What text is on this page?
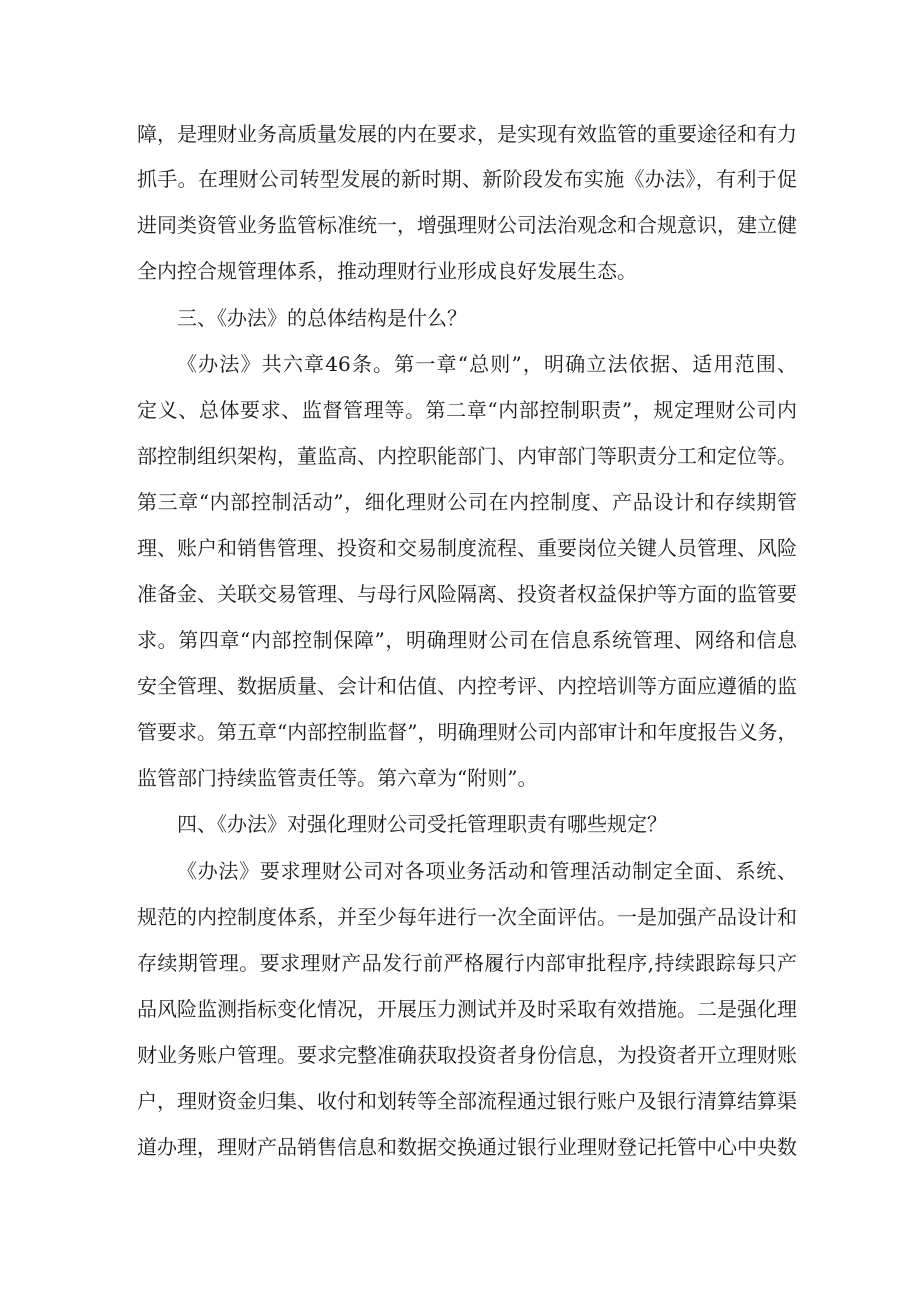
障，是理财业务高质量发展的内在要求，是实现有效监管的重要途径和有力
抓手。在理财公司转型发展的新时期、新阶段发布实施《办法》，有利于促
进同类资管业务监管标准统一，增强理财公司法治观念和合规意识，建立健
全内控合规管理体系，推动理财行业形成良好发展生态。
三、《办法》的总体结构是什么？
《办法》共六章46条。第一章“总则”，明确立法依据、适用范围、
定义、总体要求、监督管理等。第二章“内部控制职责”，规定理财公司内
部控制组织架构，董监高、内控职能部门、内审部门等职责分工和定位等。
第三章“内部控制活动”，细化理财公司在内控制度、产品设计和存续期管
理、账户和销售管理、投资和交易制度流程、重要岗位关键人员管理、风险
准备金、关联交易管理、与母行风险隔离、投资者权益保护等方面的监管要
求。第四章“内部控制保障”，明确理财公司在信息系统管理、网络和信息
安全管理、数据质量、会计和估值、内控考评、内控培训等方面应遵循的监
管要求。第五章“内部控制监督”，明确理财公司内部审计和年度报告义务，
监管部门持续监管责任等。第六章为“附则”。
四、《办法》对强化理财公司受托管理职责有哪些规定？
《办法》要求理财公司对各项业务活动和管理活动制定全面、系统、
规范的内控制度体系，并至少每年进行一次全面评估。一是加强产品设计和
存续期管理。要求理财产品发行前严格履行内部审批程序,持续跟踪每只产
品风险监测指标变化情况，开展压力测试并及时采取有效措施。二是强化理
财业务账户管理。要求完整准确获取投资者身份信息，为投资者开立理财账
户，理财资金归集、收付和划转等全部流程通过银行账户及银行清算结算渠
道办理，理财产品销售信息和数据交换通过银行业理财登记托管中心中央数
